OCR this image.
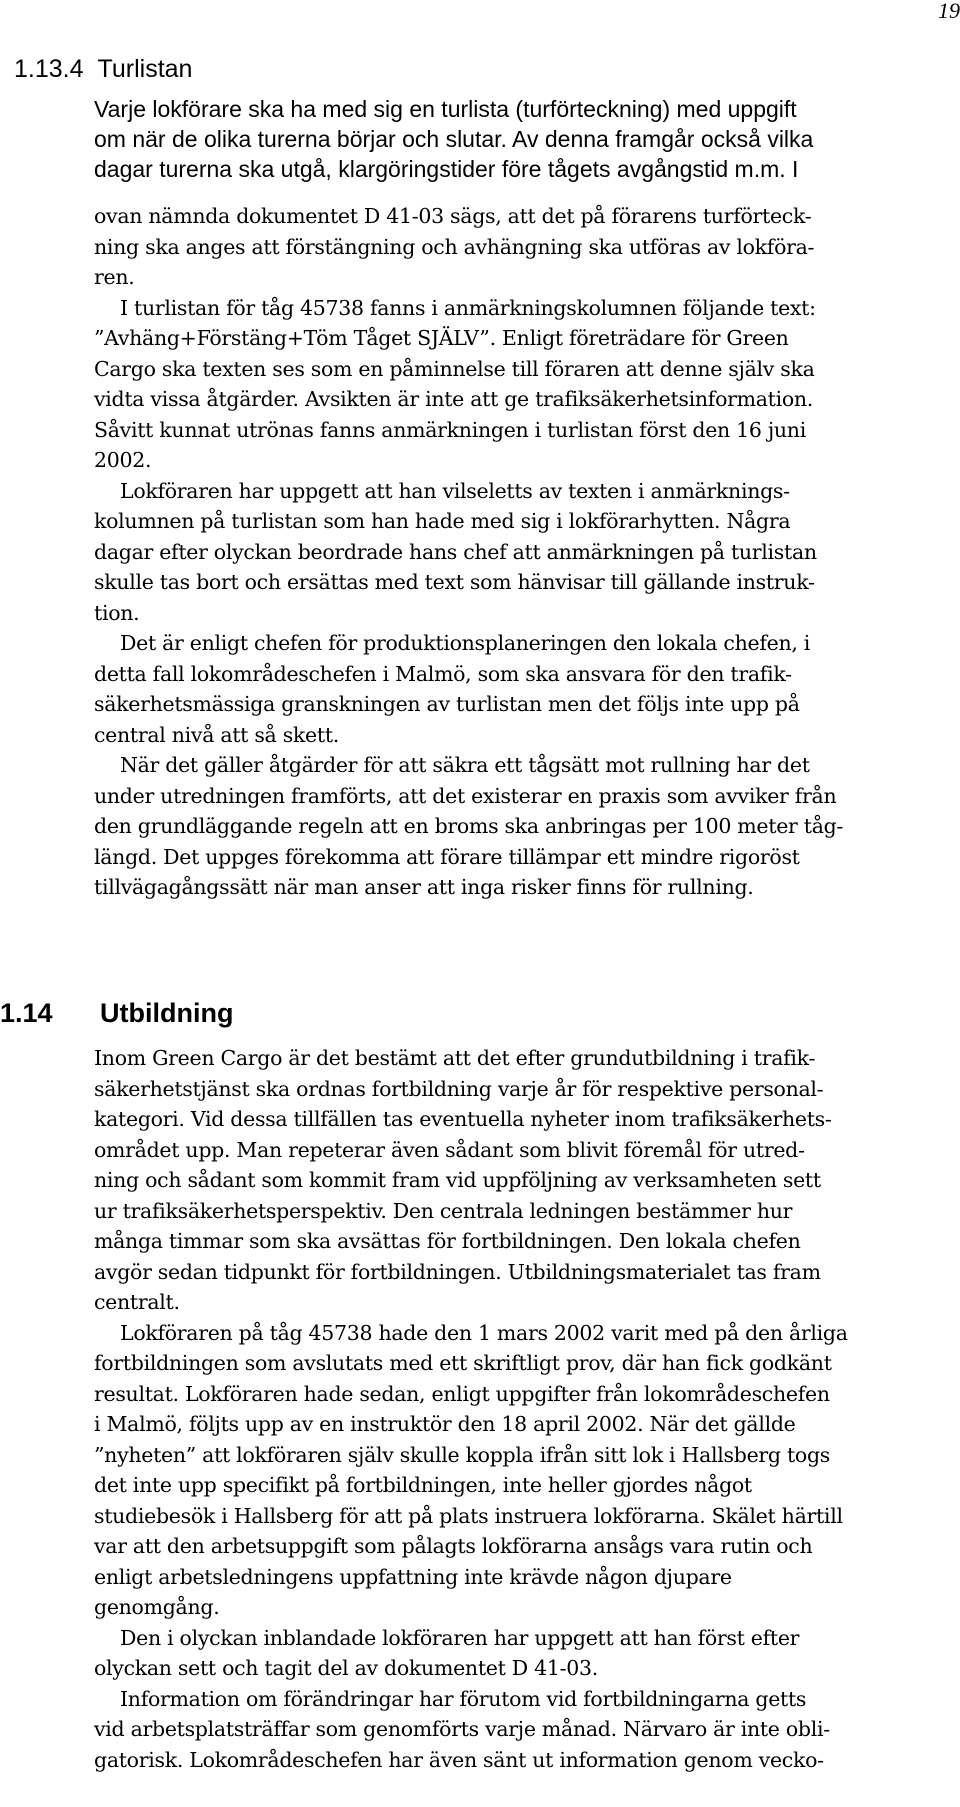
19
1.13.4 Turlistan
Varje lokförare ska ha med sig en turlista (turförteckning) med uppgift
om när de olika turerna börjar och slutar. Av denna framgår också vilka
dagar turerna ska utgå, klargöringstider före tågets avgångstid m.m. I
ovan nämnda dokumentet D 41-03 sägs, att det på förarens turförteck-
ning ska anges att förstängning och avhängning ska utföras av lokföra-
ren.
I turlistan för tåg 45738 fanns i anmärkningskolumnen följande text:
”Avhäng+Förstäng+Töm Tåget SJÄLV”. Enligt företrädare för Green
Cargo ska texten ses som en påminnelse till föraren att denne själv ska
vidta vissa åtgärder. Avsikten är inte att ge trafiksäkerhetsinformation.
Såvitt kunnat utrönas fanns anmärkningen i turlistan först den 16 juni
2002.
Lokföraren har uppgett att han vilseletts av texten i anmärknings-
kolumnen på turlistan som han hade med sig i lokförarhytten. Några
dagar efter olyckan beordrade hans chef att anmärkningen på turlistan
skulle tas bort och ersättas med text som hänvisar till gällande instruk-
tion.
Det är enligt chefen för produktionsplaneringen den lokala chefen, i
detta fall lokområdeschefen i Malmö, som ska ansvara för den trafik-
säkerhetsmässiga granskningen av turlistan men det följs inte upp på
central nivå att så skett.
När det gäller åtgärder för att säkra ett tågsätt mot rullning har det
under utredningen framförts, att det existerar en praxis som avviker från
den grundläggande regeln att en broms ska anbringas per 100 meter tåg-
längd. Det uppges förekomma att förare tillämpar ett mindre rigoröst
tillvägagångssätt när man anser att inga risker finns för rullning.
1.14 Utbildning
Inom Green Cargo är det bestämt att det efter grundutbildning i trafik-
säkerhetstjänst ska ordnas fortbildning varje år för respektive personal-
kategori. Vid dessa tillfällen tas eventuella nyheter inom trafiksäkerhets-
området upp. Man repeterar även sådant som blivit föremål för utred-
ning och sådant som kommit fram vid uppföljning av verksamheten sett
ur trafiksäkerhetsperspektiv. Den centrala ledningen bestämmer hur
många timmar som ska avsättas för fortbildningen. Den lokala chefen
avgör sedan tidpunkt för fortbildningen. Utbildningsmaterialet tas fram
centralt.
Lokföraren på tåg 45738 hade den 1 mars 2002 varit med på den årliga
fortbildningen som avslutats med ett skriftligt prov, där han fick godkänt
resultat. Lokföraren hade sedan, enligt uppgifter från lokområdeschefen
i Malmö, följts upp av en instruktör den 18 april 2002. När det gällde
”nyheten” att lokföraren själv skulle koppla ifrån sitt lok i Hallsberg togs
det inte upp specifikt på fortbildningen, inte heller gjordes något
studiebesök i Hallsberg för att på plats instruera lokförarna. Skälet härtill
var att den arbetsuppgift som pålagts lokförarna ansågs vara rutin och
enligt arbetsledningens uppfattning inte krävde någon djupare
genomgång.
Den i olyckan inblandade lokföraren har uppgett att han först efter
olyckan sett och tagit del av dokumentet D 41-03.
Information om förändringar har förutom vid fortbildningarna getts
vid arbetsplatsträffar som genomförts varje månad. Närvaro är inte obli-
gatorisk. Lokområdeschefen har även sänt ut information genom vecko-
